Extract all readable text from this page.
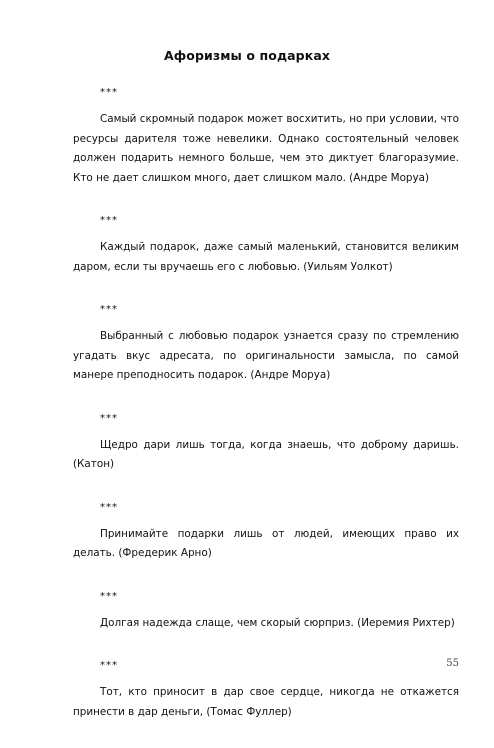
Афоризмы о подарках
***

Самый скромный подарок может восхитить, но при условии, что ресурсы дарителя тоже невелики. Однако состоятельный человек должен подарить немного больше, чем это диктует благоразумие. Кто не дает слишком много, дает слишком мало. (Андре Моруа)

***

Каждый подарок, даже самый маленький, становится великим даром, если ты вручаешь его с любовью. (Уильям Уолкот)

***

Выбранный с любовью подарок узнается сразу по стремлению угадать вкус адресата, по оригинальности замысла, по самой манере преподносить подарок. (Андре Моруа)

***

Щедро дари лишь тогда, когда знаешь, что доброму даришь. (Катон)

***

Принимайте подарки лишь от людей, имеющих право их делать. (Фредерик Арно)

***

Долгая надежда слаще, чем скорый сюрприз. (Иеремия Рихтер)

***

Тот, кто приносит в дар свое сердце, никогда не откажется принести в дар деньги, (Томас Фуллер)

55
